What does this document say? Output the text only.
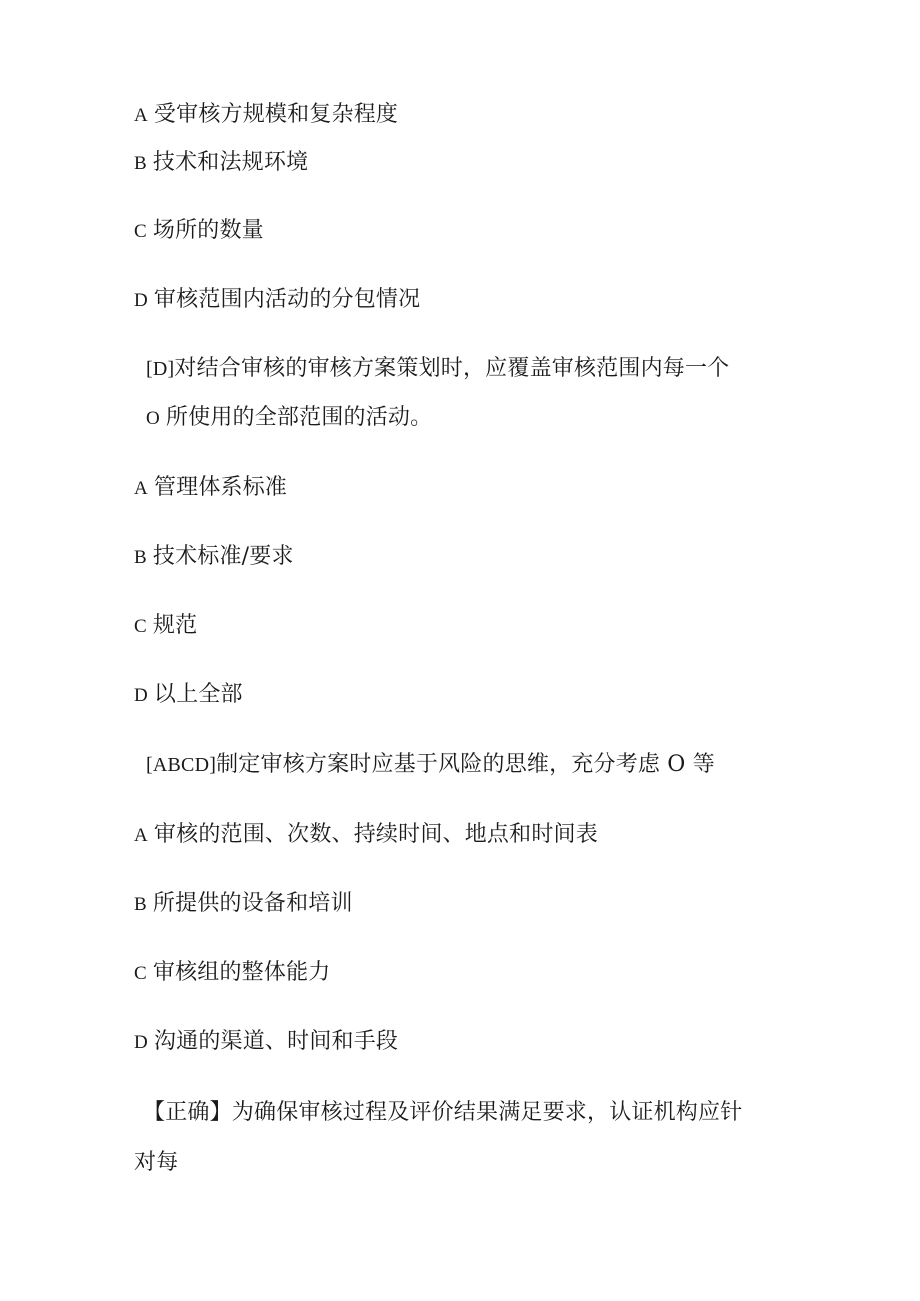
A 受审核方规模和复杂程度
B 技术和法规环境
C 场所的数量
D 审核范围内活动的分包情况
[D]对结合审核的审核方案策划时，应覆盖审核范围内每一个
O 所使用的全部范围的活动。
A 管理体系标准
B 技术标准/要求
C 规范
D 以上全部
[ABCD]制定审核方案时应基于风险的思维，充分考虑 O 等
A 审核的范围、次数、持续时间、地点和时间表
B 所提供的设备和培训
C 审核组的整体能力
D 沟通的渠道、时间和手段
【正确】为确保审核过程及评价结果满足要求，认证机构应针
对每
